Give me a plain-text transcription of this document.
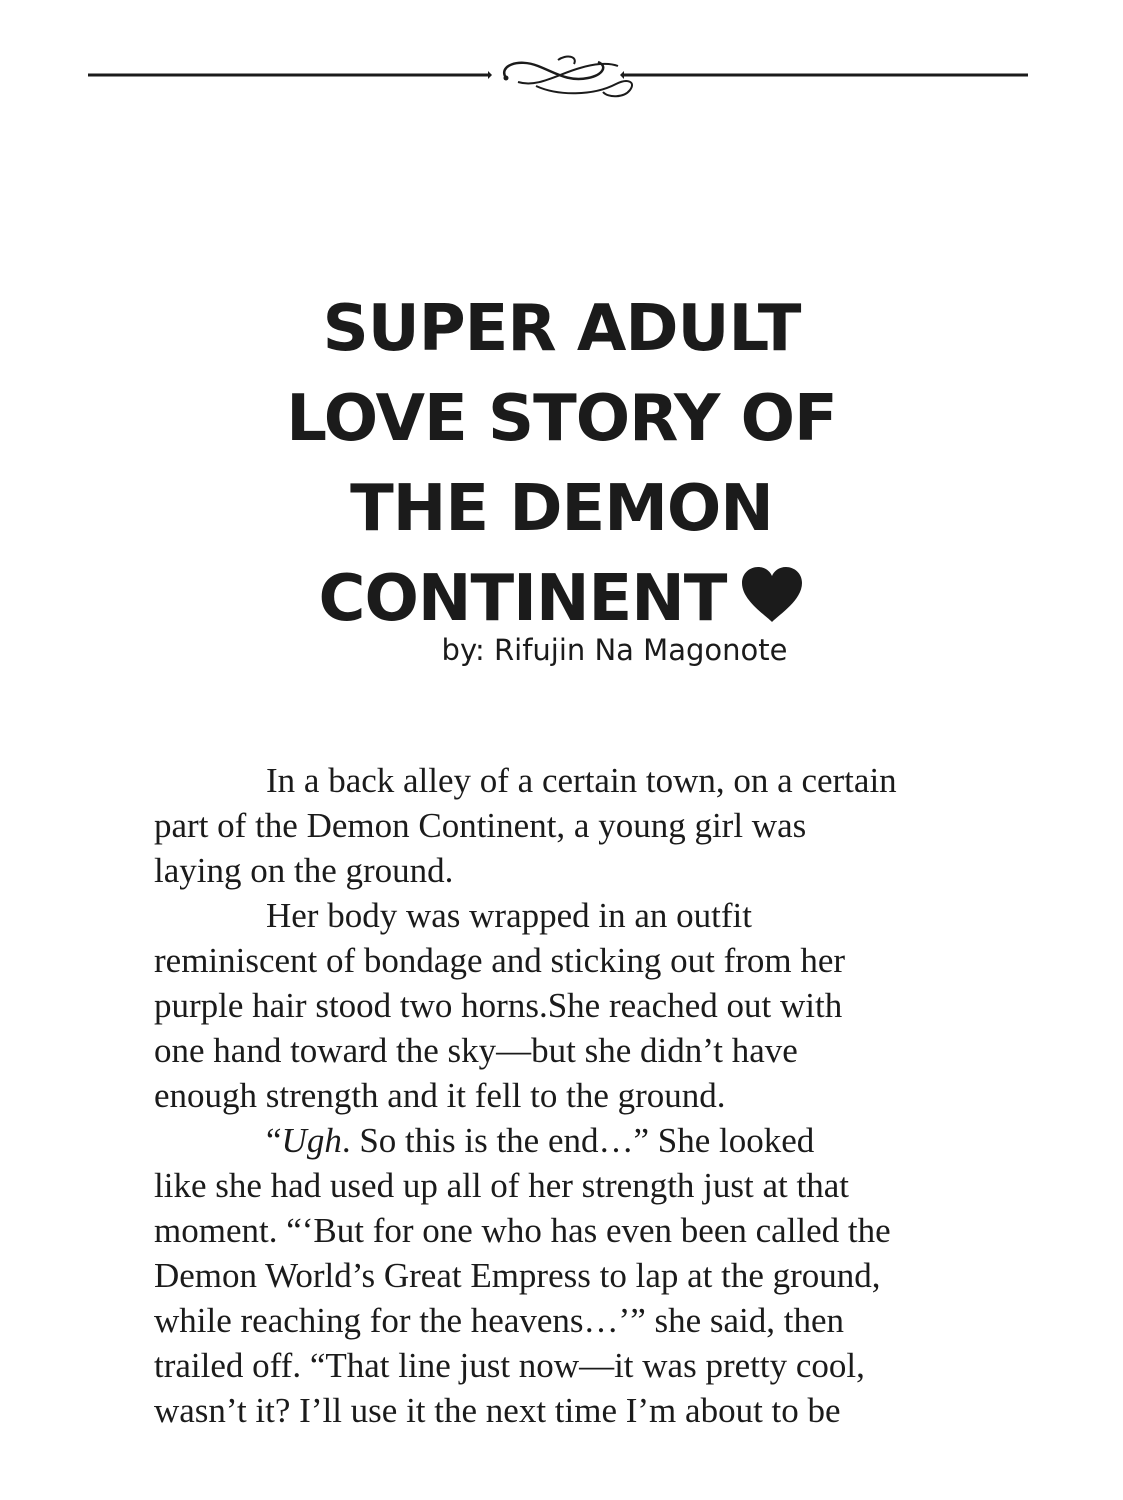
SUPER ADULT
LOVE STORY OF
THE DEMON
CONTINENT
by: Rifujin Na Magonote
In a back alley of a certain town, on a certain
part of the Demon Continent, a young girl was
laying on the ground.
Her body was wrapped in an outfit
reminiscent of bondage and sticking out from her
purple hair stood two horns.She reached out with
one hand toward the sky—but she didn’t have
enough strength and it fell to the ground.
“Ugh. So this is the end…” She looked
like she had used up all of her strength just at that
moment. “‘But for one who has even been called the
Demon World’s Great Empress to lap at the ground,
while reaching for the heavens…’” she said, then
trailed off. “That line just now—it was pretty cool,
wasn’t it? I’ll use it the next time I’m about to be
